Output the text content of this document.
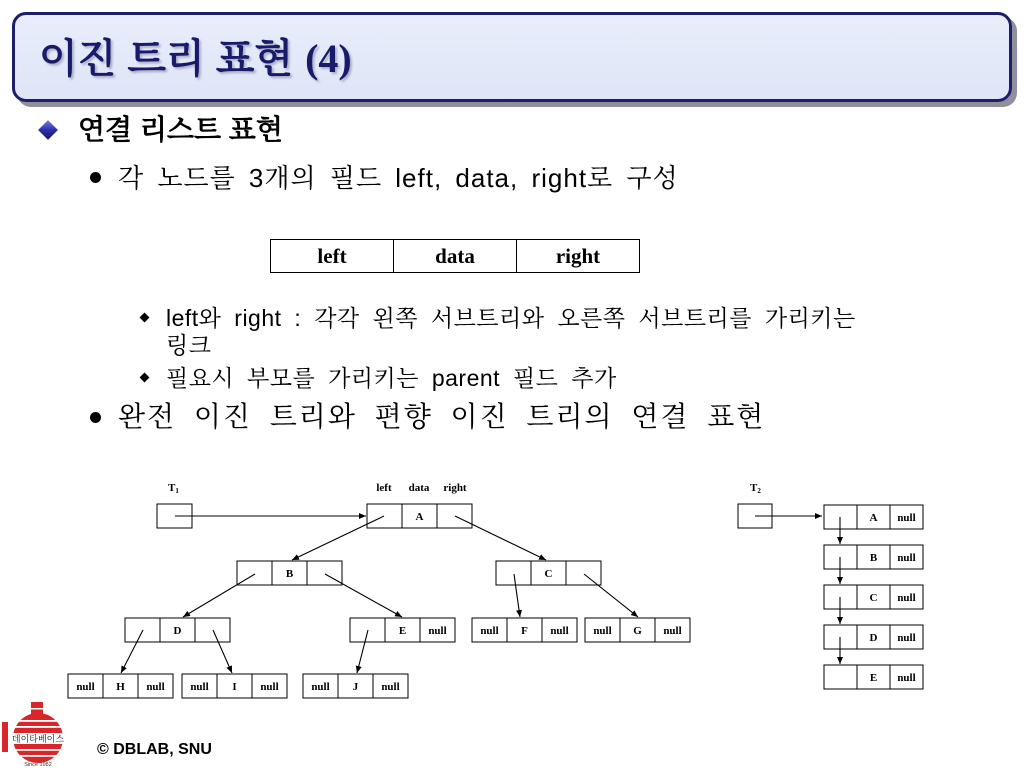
이진 트리 표현 (4)
연결 리스트 표현
각 노드를 3개의 필드 left, data, right로 구성
left	data	right
left와 right : 각각 왼쪽 서브트리와 오른쪽 서브트리를 가리키는
링크
필요시 부모를 가리키는 parent 필드 추가
완전 이진 트리와 편향 이진 트리의 연결 표현
T1	left data right
A
B	C
D	E null	null F null null G null
null H null null I null	null J null
T2
A null
B null
C null
D null
E null
데이타베이스
Since 1982
© DBLAB, SNU
